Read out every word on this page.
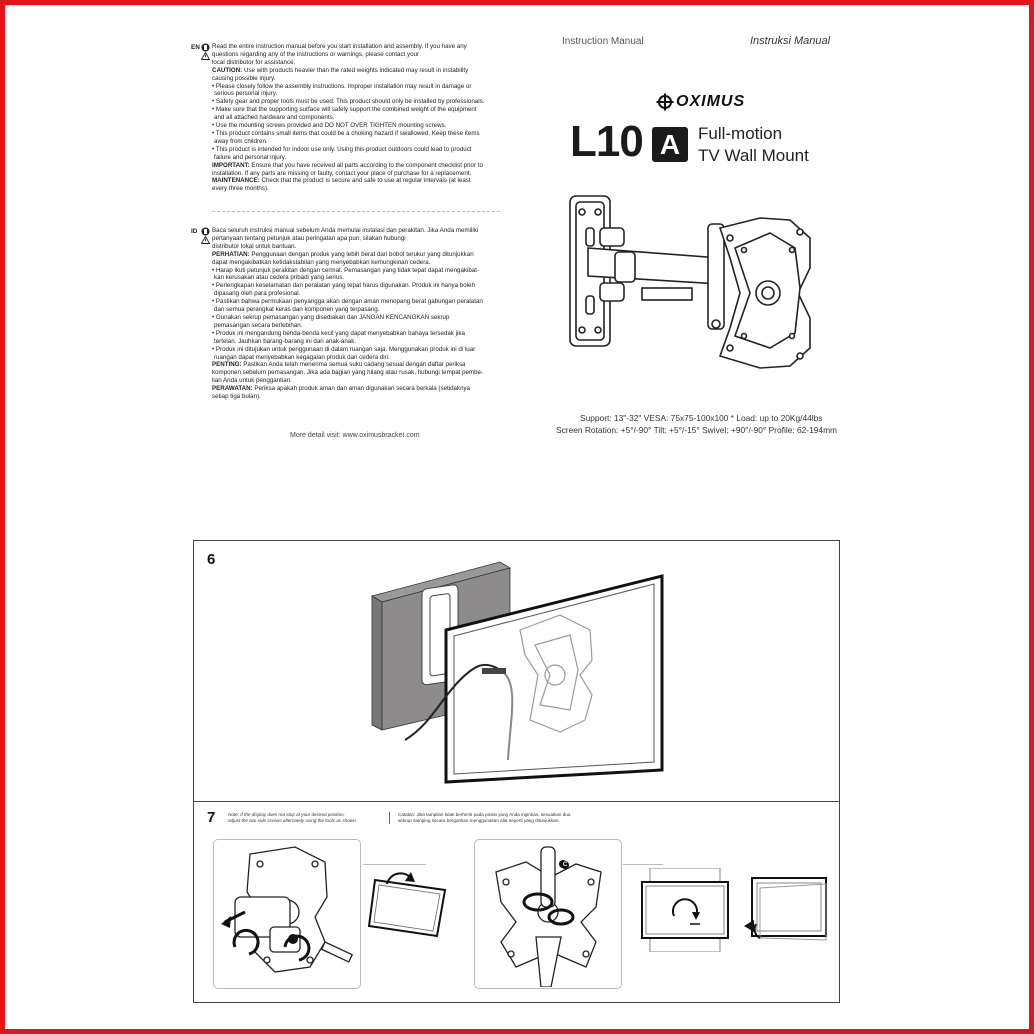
Instruction Manual	Instruksi Manual
EN Read the entire instruction manual before you start installation and assembly. If you have any

questions regarding any of the instructions or warnings, please contact your

local distributor for assistance.

CAUTION: Use with products heavier than the rated weights indicated may result in instability

causing possible injury.

• Please closely follow the assembly instructions. Improper installation may result in damage or

serious personal injury.

• Safety gear and proper tools must be used. This product should only be installed by professionals.

• Make sure that the supporting surface will safely support the combined weight of the equipment

and all attached hardware and components.

• Use the mounting screws provided and DO NOT OVER TIGHTEN mounting screws.

• This product contains small items that could be a choking hazard if swallowed. Keep these items

away from children.

• This product is intended for indoor use only. Using this product outdoors could lead to product

failure and personal injury.

IMPORTANT: Ensure that you have received all parts according to the component checklist prior to

installation. If any parts are missing or faulty, contact your place of purchase for a replacement.

MAINTENANCE: Check that the product is secure and safe to use at regular intervals (at least

every three months).

ID Baca seluruh instruksi manual sebelum Anda memulai instalasi dan perakitan. Jika Anda memiliki

pertanyaan tentang petunjuk atau peringatan apa pun, silakan hubungi

distributor lokal untuk bantuan.

PERHATIAN: Penggunaan dengan produk yang lebih berat dari bobot terukur yang ditunjukkan

dapat mengakibatkan ketidakstabilan yang menyebabkan kemungkinan cedera.

• Harap ikuti petunjuk perakitan dengan cermat. Pemasangan yang tidak tepat dapat mengakibat-

kan kerusakan atau cedera pribadi yang serius.

• Perlengkapan keselamatan dan peralatan yang tepat harus digunakan. Produk ini hanya boleh

dipasang oleh para profesional.

• Pastikan bahwa permukaan penyangga akan dengan aman menopang berat gabungan peralatan

dan semua perangkat keras dan komponen yang terpasang.

• Gunakan sekrup pemasangan yang disediakan dan JANGAN KENCANGKAN sekrup

pemasangan secara berlebihan.

• Produk ini mengandung benda-benda kecil yang dapat menyebabkan bahaya tersedak jika

tertelan. Jauhkan barang-barang ini dari anak-anak.

• Produk ini ditujukan untuk penggunaan di dalam ruangan saja. Menggunakan produk ini di luar

ruangan dapat menyebabkan kegagalan produk dan cedera diri.

PENTING: Pastikan Anda telah menerima semua suku cadang sesuai dengan daftar periksa

komponen sebelum pemasangan. Jika ada bagian yang hilang atau rusak, hubungi tempat pembe-

lian Anda untuk penggantian.

PERAWATAN: Periksa apakah produk aman dan aman digunakan secara berkala (setidaknya

setiap tiga bulan).

More detail visit: www.oximusbracket.com
OXIMUS
L10 A	Full-motion
TV Wall Mount
Support: 13"-32" VESA: 75x75-100x100 * Load: up to 20Kg/44lbs
Screen Rotation: +5°/-90° Tilt: +5°/-15° Swivel: +90°/-90° Profile: 62-194mm
6
7	Note: If the display does not stop at your desired position,
adjust the two side screws alternately using the tools as shown.
Catatan: Jika tampilan tidak berhenti pada posisi yang Anda inginkan, sesuaikan dua
sekrup samping secara bergantian menggunakan alat seperti yang ditunjukkan.
C
